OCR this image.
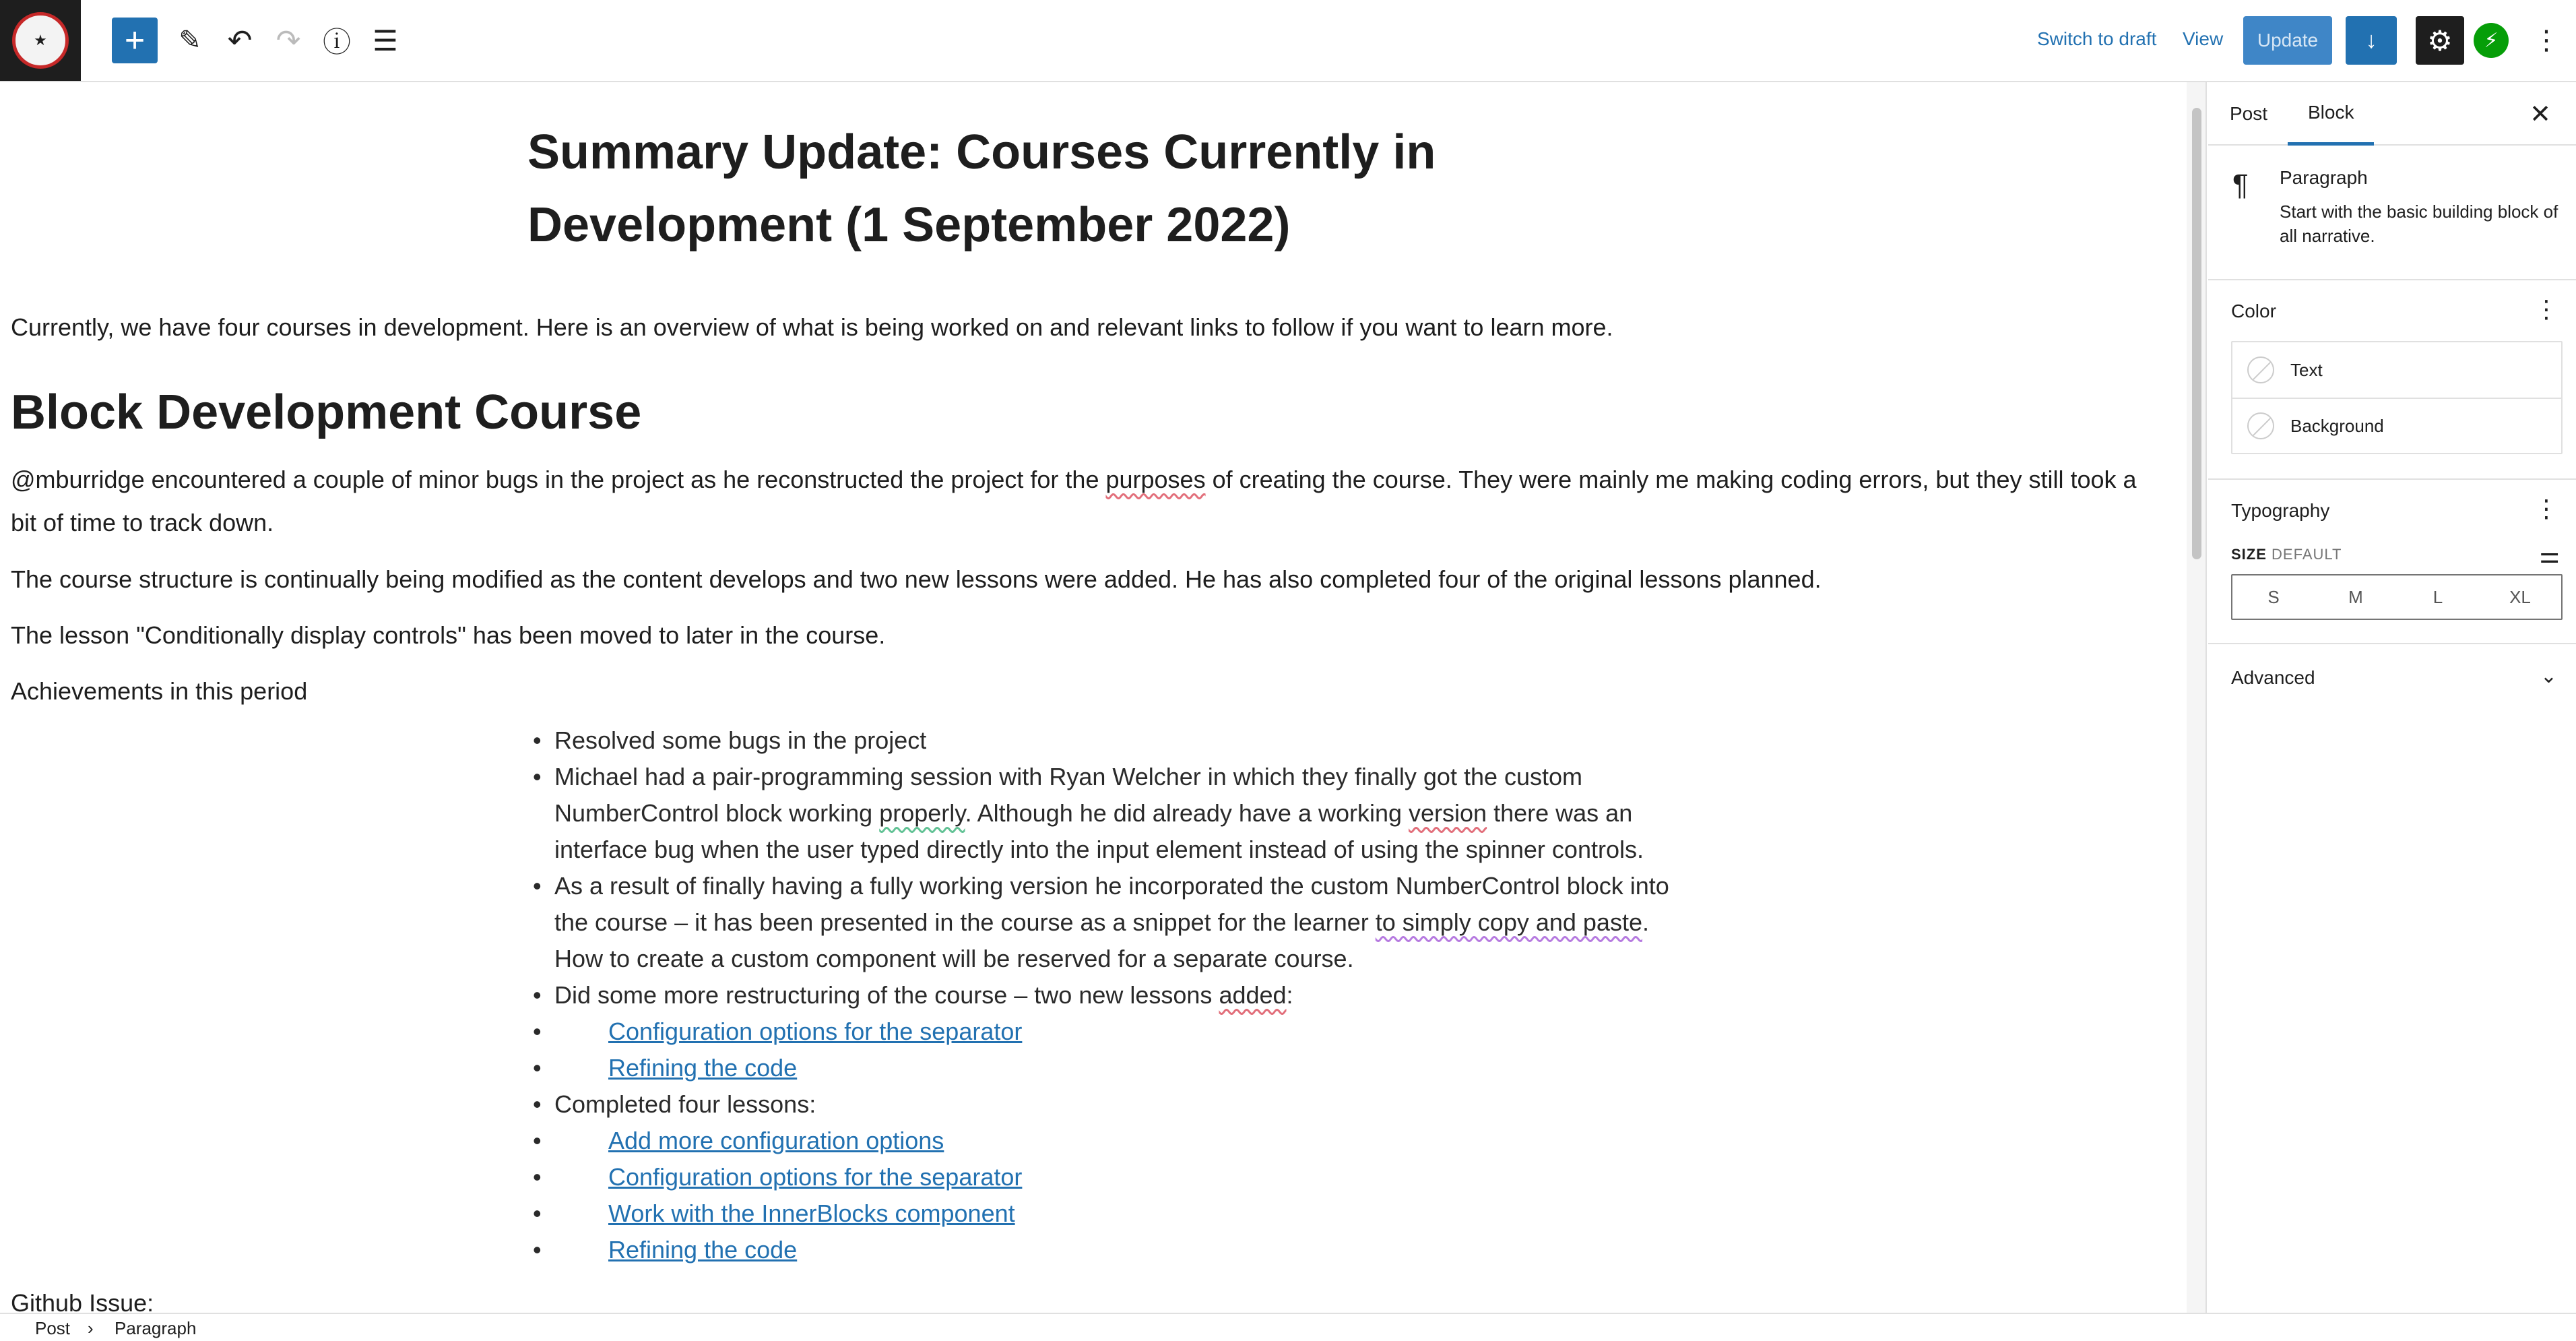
★ + ✎ ↶ ↷ ⓘ ☰	Switch to draft View	Update	↓ ⚙ ⚡ ⋮
Summary Update: Courses Currently in
Development (1 September 2022)
Currently, we have four courses in development. Here is an overview of what is being worked on and relevant links to follow if you want to learn more.
Block Development Course
@mburridge encountered a couple of minor bugs in the project as he reconstructed the project for the purposes of creating the course. They were mainly me making coding errors, but they still took a
bit of time to track down.
The course structure is continually being modified as the content develops and two new lessons were added. He has also completed four of the original lessons planned.
The lesson "Conditionally display controls" has been moved to later in the course.
Achievements in this period
• Resolved some bugs in the project
• Michael had a pair-programming session with Ryan Welcher in which they finally got the custom
NumberControl block working properly. Although he did already have a working version there was an
interface bug when the user typed directly into the input element instead of using the spinner controls.
• As a result of finally having a fully working version he incorporated the custom NumberControl block into
the course – it has been presented in the course as a snippet for the learner to simply copy and paste.
How to create a custom component will be reserved for a separate course.
• Did some more restructuring of the course – two new lessons added:
• Configuration options for the separator
• Refining the code
• Completed four lessons:
• Add more configuration options
• Configuration options for the separator
• Work with the InnerBlocks component
• Refining the code
Github Issue:
Post	Block	✕
¶ Paragraph
Start with the basic building block of all narrative.
Color	⋮
Text
Background
Typography	⋮
SIZE DEFAULT	⚌
S	M	L	XL
Advanced	⌄
Post › Paragraph
